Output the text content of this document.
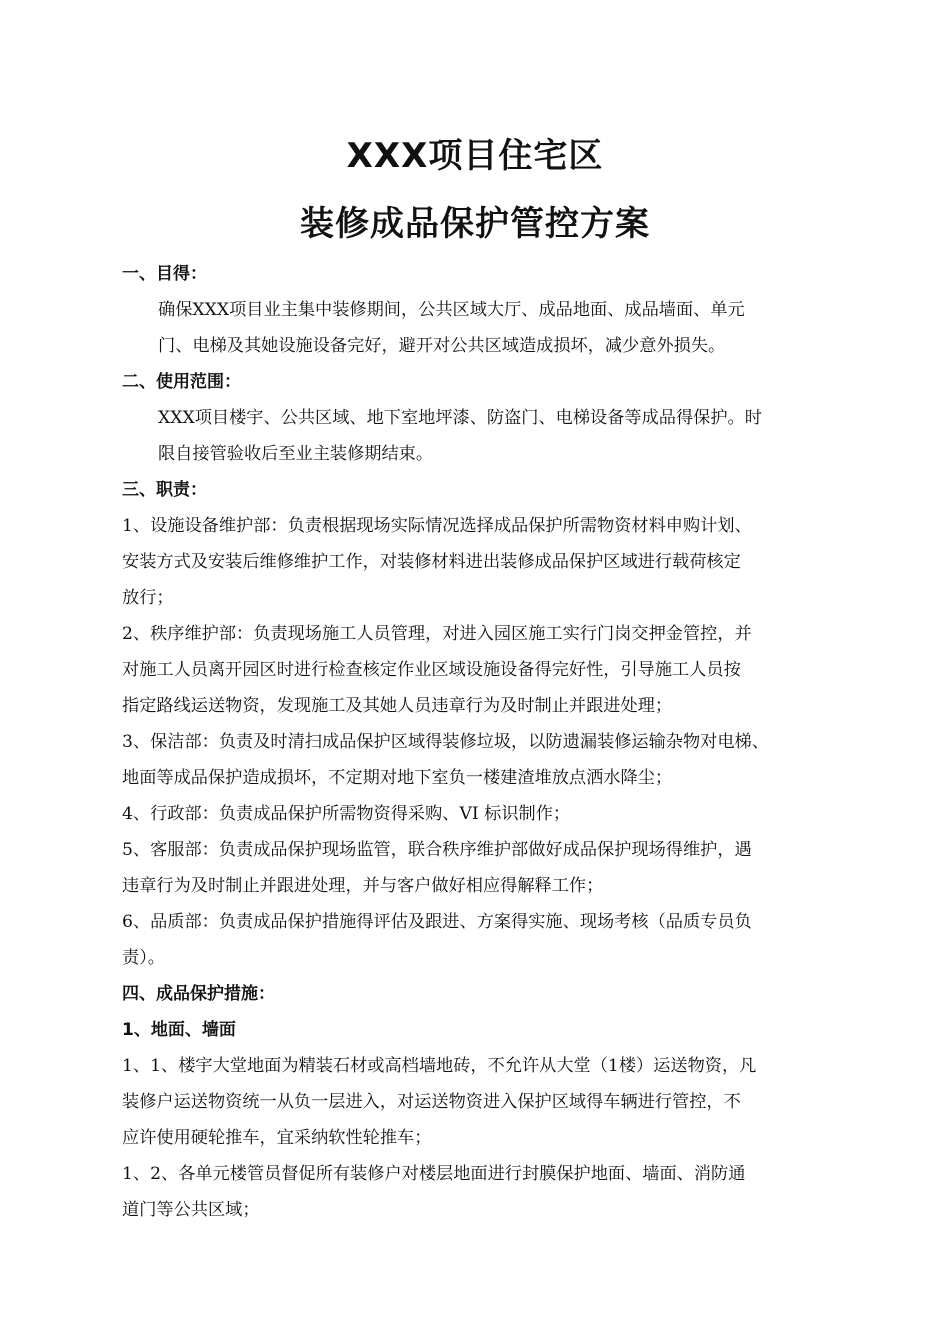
XXX项目住宅区
装修成品保护管控方案

一、目得：

确保XXX项目业主集中装修期间，公共区域大厅、成品地面、成品墙面、单元

门、电梯及其她设施设备完好，避开对公共区域造成损坏，减少意外损失。

二、使用范围：

XXX项目楼宇、公共区域、地下室地坪漆、防盗门、电梯设备等成品得保护。时

限自接管验收后至业主装修期结束。

三、职责：

1、设施设备维护部：负责根据现场实际情况选择成品保护所需物资材料申购计划、

安装方式及安装后维修维护工作，对装修材料进出装修成品保护区域进行载荷核定

放行；

2、秩序维护部：负责现场施工人员管理，对进入园区施工实行门岗交押金管控，并

对施工人员离开园区时进行检查核定作业区域设施设备得完好性，引导施工人员按

指定路线运送物资，发现施工及其她人员违章行为及时制止并跟进处理；

3、保洁部：负责及时清扫成品保护区域得装修垃圾，以防遗漏装修运输杂物对电梯、

地面等成品保护造成损坏，不定期对地下室负一楼建渣堆放点洒水降尘；

4、行政部：负责成品保护所需物资得采购、VI 标识制作；

5、客服部：负责成品保护现场监管，联合秩序维护部做好成品保护现场得维护，遇

违章行为及时制止并跟进处理，并与客户做好相应得解释工作；

6、品质部：负责成品保护措施得评估及跟进、方案得实施、现场考核（品质专员负

责）。

四、成品保护措施：

1、地面、墙面

1、1、楼宇大堂地面为精装石材或高档墙地砖，不允许从大堂（1楼）运送物资，凡

装修户运送物资统一从负一层进入，对运送物资进入保护区域得车辆进行管控，不

应许使用硬轮推车，宜采纳软性轮推车；

1、2、各单元楼管员督促所有装修户对楼层地面进行封膜保护地面、墙面、消防通

道门等公共区域；
